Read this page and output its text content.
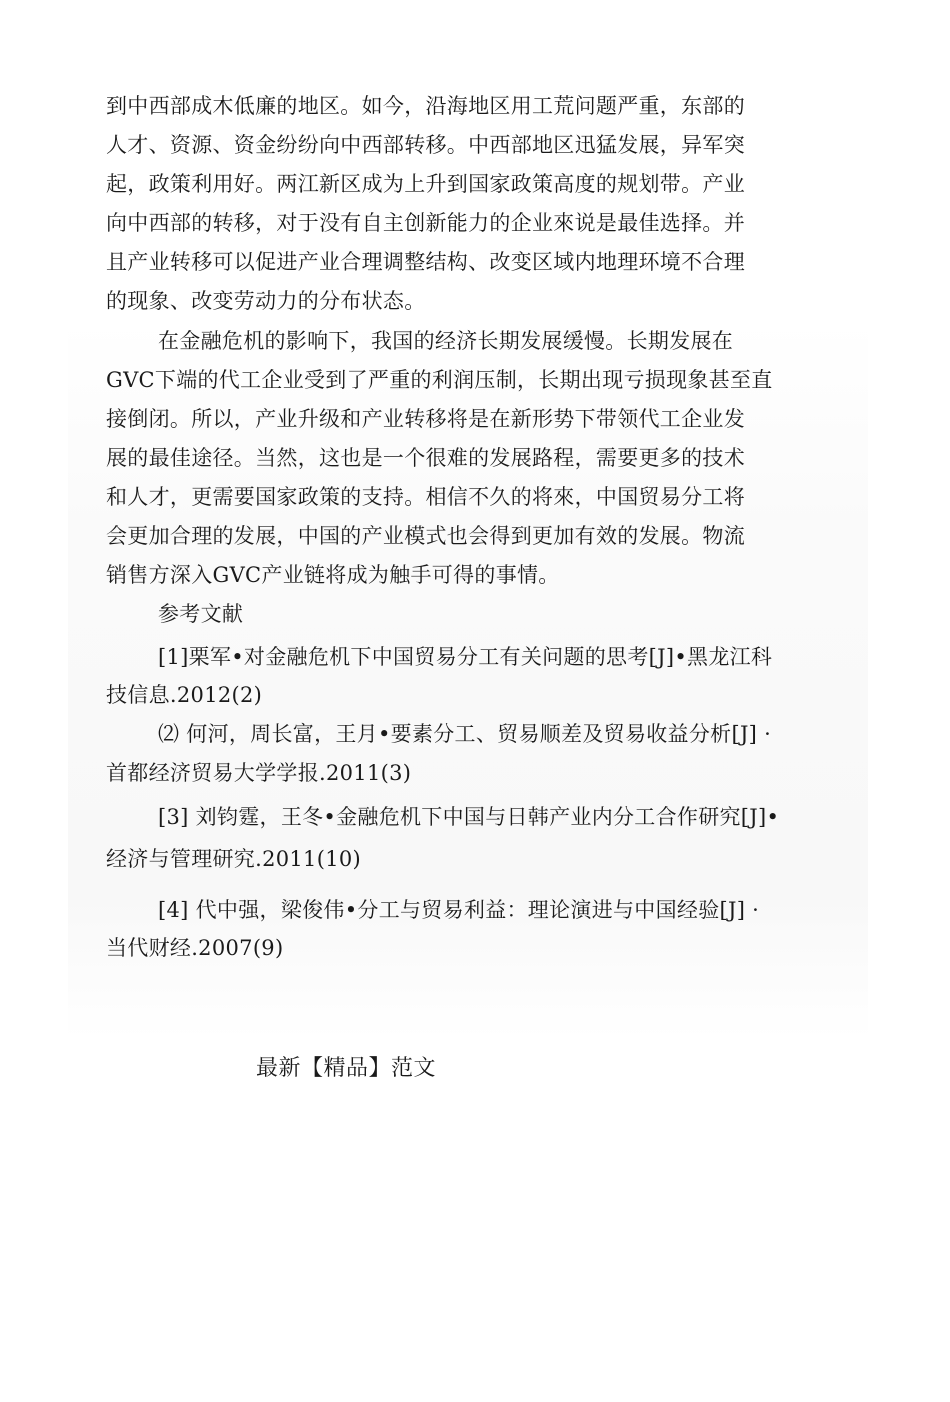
到中西部成木低廉的地区。如今，沿海地区用工荒问题严重，东部的
人才、资源、资金纷纷向中西部转移。中西部地区迅猛发展，异军突
起，政策利用好。两江新区成为上升到国家政策高度的规划带。产业
向中西部的转移，对于没有自主创新能力的企业來说是最佳选择。并
且产业转移可以促进产业合理调整结构、改变区域内地理环境不合理
的现象、改变劳动力的分布状态。
在金融危机的影响下，我国的经济长期发展缓慢。长期发展在
GVC下端的代工企业受到了严重的利润压制，长期出现亏损现象甚至直
接倒闭。所以，产业升级和产业转移将是在新形势下带领代工企业发
展的最佳途径。当然，这也是一个很难的发展路程，需要更多的技术
和人才，更需要国家政策的支持。相信不久的将來，中国贸易分工将
会更加合理的发展，中国的产业模式也会得到更加有效的发展。物流
销售方深入GVC产业链将成为触手可得的事情。
参考文献
[1]栗军•对金融危机下中国贸易分工有关问题的思考[J]•黑龙江科
技信息.2012(2)
⑵ 何河，周长富，王月•要素分工、贸易顺差及贸易收益分析[J] ·
首都经济贸易大学学报.2011(3)
[3] 刘钧霆，王冬•金融危机下中国与日韩产业内分工合作研究[J]•
经济与管理研究.2011(10)
[4] 代中强，梁俊伟•分工与贸易利益：理论演进与中国经验[J] ·
当代财经.2007(9)
最新【精品】范文
